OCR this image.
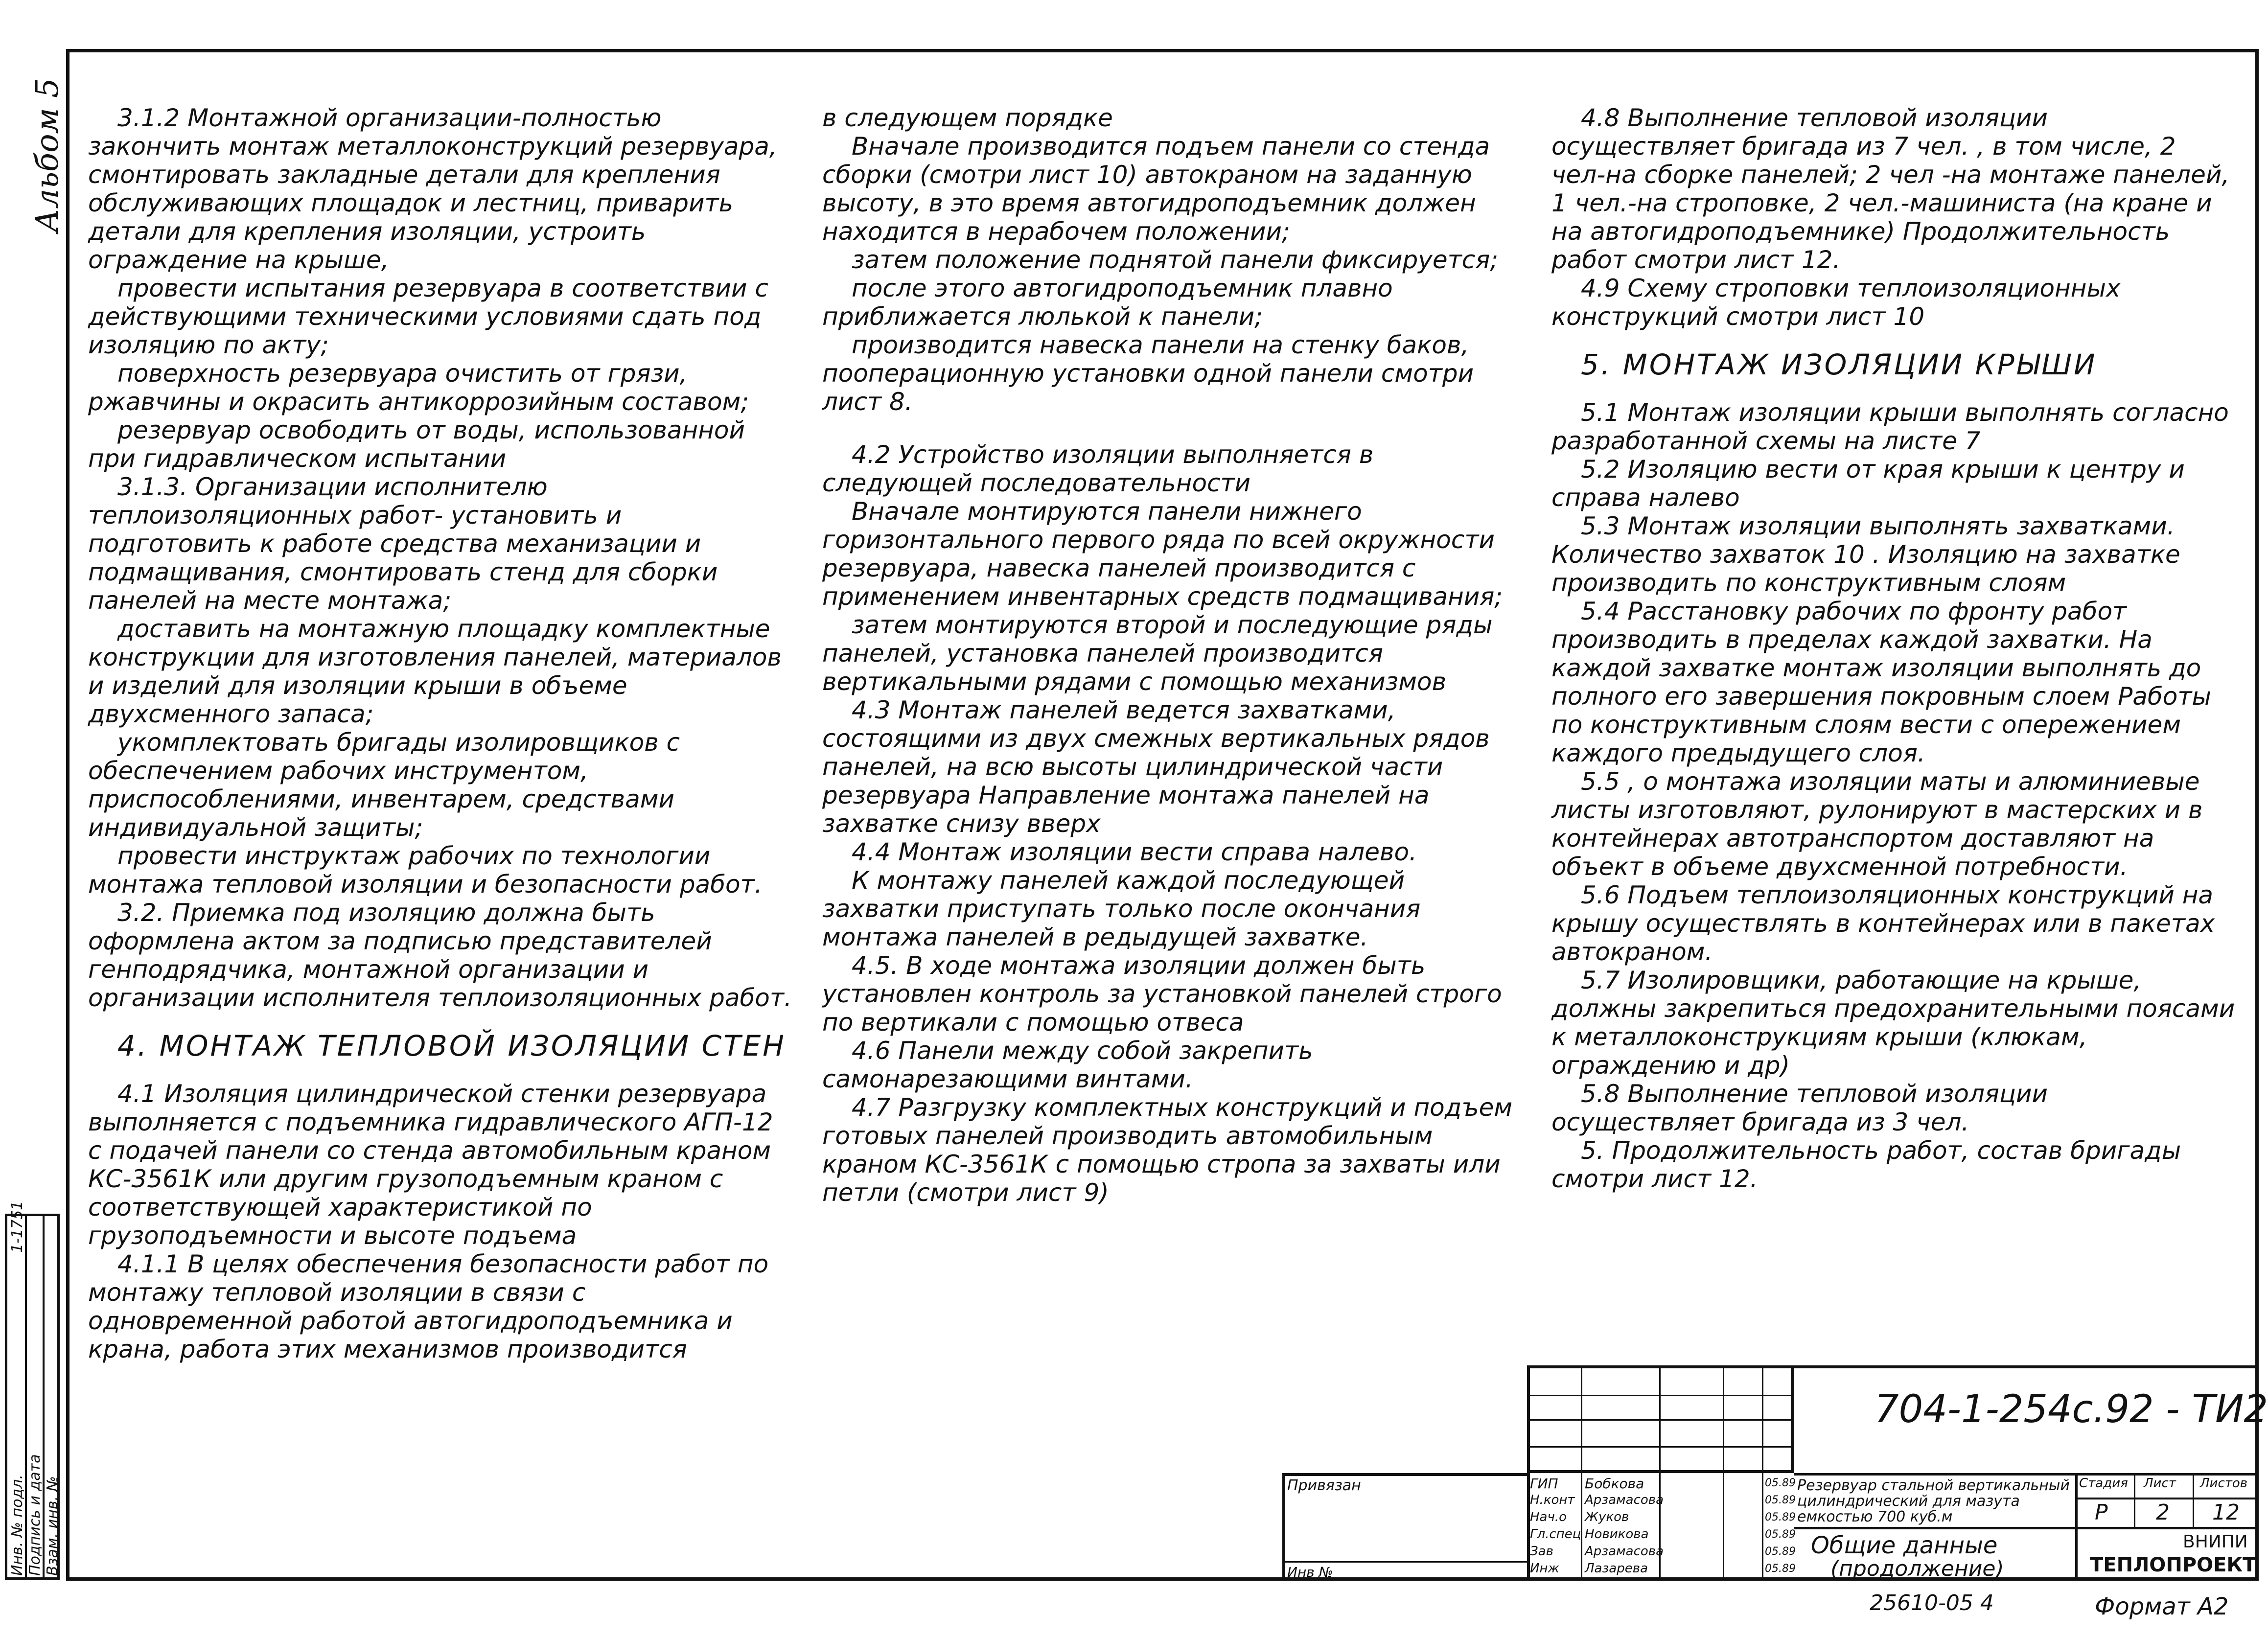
Альбом 5
1-1751
Инв. № подл. Подпись и дата Взам. инв. №

3.1.2 Монтажной организации-полностью закончить монтаж металлоконструкций резервуара, смонтировать закладные детали для крепления обслуживающих площадок и лестниц, приварить детали для крепления изоляции, устроить ограждение на крыше,

провести испытания резервуара в соответствии с действующими техническими условиями сдать под изоляцию по акту;

поверхность резервуара очистить от грязи, ржавчины и окрасить антикоррозийным составом;

резервуар освободить от воды, использованной при гидравлическом испытании

3.1.3. Организации исполнителю теплоизоляционных работ- установить и подготовить к работе средства механизации и подмащивания, смонтировать стенд для сборки панелей на месте монтажа;

доставить на монтажную площадку комплектные конструкции для изготовления панелей, материалов и изделий для изоляции крыши в объеме двухсменного запаса;

укомплектовать бригады изолировщиков с обеспечением рабочих инструментом, приспособлениями, инвентарем, средствами индивидуальной защиты;

провести инструктаж рабочих по технологии монтажа тепловой изоляции и безопасности работ.

3.2. Приемка под изоляцию должна быть оформлена актом за подписью представителей генподрядчика, монтажной организации и организации исполнителя теплоизоляционных работ.

4. МОНТАЖ ТЕПЛОВОЙ ИЗОЛЯЦИИ СТЕН

4.1 Изоляция цилиндрической стенки резервуара выполняется с подъемника гидравлического АГП-12 с подачей панели со стенда автомобильным краном КС-3561К или другим грузоподъемным краном с соответствующей характеристикой по грузоподъемности и высоте подъема

4.1.1 В целях обеспечения безопасности работ по монтажу тепловой изоляции в связи с одновременной работой автогидроподъемника и крана, работа этих механизмов производится

в следующем порядке

Вначале производится подъем панели со стенда сборки (смотри лист 10) автокраном на заданную высоту, в это время автогидроподъемник должен находится в нерабочем положении;

затем положение поднятой панели фиксируется;

после этого автогидроподъемник плавно приближается люлькой к панели;

производится навеска панели на стенку баков, пооперационную установки одной панели смотри лист 8.

4.2 Устройство изоляции выполняется в следующей последовательности

Вначале монтируются панели нижнего горизонтального первого ряда по всей окружности резервуара, навеска панелей производится с применением инвентарных средств подмащивания;

затем монтируются второй и последующие ряды панелей, установка панелей производится вертикальными рядами с помощью механизмов

4.3 Монтаж панелей ведется захватками, состоящими из двух смежных вертикальных рядов панелей, на всю высоты цилиндрической части резервуара Направление монтажа панелей на захватке снизу вверх

4.4 Монтаж изоляции вести справа налево.

К монтажу панелей каждой последующей захватки приступать только после окончания монтажа панелей в редыдущей захватке.

4.5. В ходе монтажа изоляции должен быть установлен контроль за установкой панелей строго по вертикали с помощью отвеса

4.6 Панели между собой закрепить самонарезающими винтами.

4.7 Разгрузку комплектных конструкций и подъем готовых панелей производить автомобильным краном КС-3561К с помощью стропа за захваты или петли (смотри лист 9)

4.8 Выполнение тепловой изоляции осуществляет бригада из 7 чел. , в том числе, 2 чел-на сборке панелей; 2 чел -на монтаже панелей, 1 чел.-на строповке, 2 чел.-машиниста (на кране и на автогидроподъемнике) Продолжительность работ смотри лист 12.

4.9 Схему строповки теплоизоляционных конструкций смотри лист 10

5. МОНТАЖ ИЗОЛЯЦИИ КРЫШИ

5.1 Монтаж изоляции крыши выполнять согласно разработанной схемы на листе 7

5.2 Изоляцию вести от края крыши к центру и справа налево

5.3 Монтаж изоляции выполнять захватками. Количество захваток 10 . Изоляцию на захватке производить по конструктивным слоям

5.4 Расстановку рабочих по фронту работ производить в пределах каждой захватки. На каждой захватке монтаж изоляции выполнять до полного его завершения покровным слоем Работы по конструктивным слоям вести с опережением каждого предыдущего слоя.

5.5 , о монтажа изоляции маты и алюминиевые листы изготовляют, рулонируют в мастерских и в контейнерах автотранспортом доставляют на объект в объеме двухсменной потребности.

5.6 Подъем теплоизоляционных конструкций на крышу осуществлять в контейнерах или в пакетах автокраном.

5.7 Изолировщики, работающие на крыше, должны закрепиться предохранительными поясами к металлоконструкциям крыши (клюкам, ограждению и др)

5.8 Выполнение тепловой изоляции осуществляет бригада из 3 чел.

5. Продолжительность работ, состав бригады смотри лист 12.

704-1-254с.92 - ТИ2
Привязан
Инв №
ГИП
Н.конт
Нач.о
Гл.спец
Зав
Инж
Бобкова
Арзамасова
Жуков
Новикова
Арзамасова
Лазарева
05.89
05.89
05.89
05.89
05.89
05.89
Резервуар стальной вертикальный цилиндрический для мазута емкостью 700 куб.м
Общие данные
(продолжение)
Стадия Лист Листов
Р 2 12
ВНИПИ
ТЕПЛОПРОЕКТ
25610-05 4	Формат А2
